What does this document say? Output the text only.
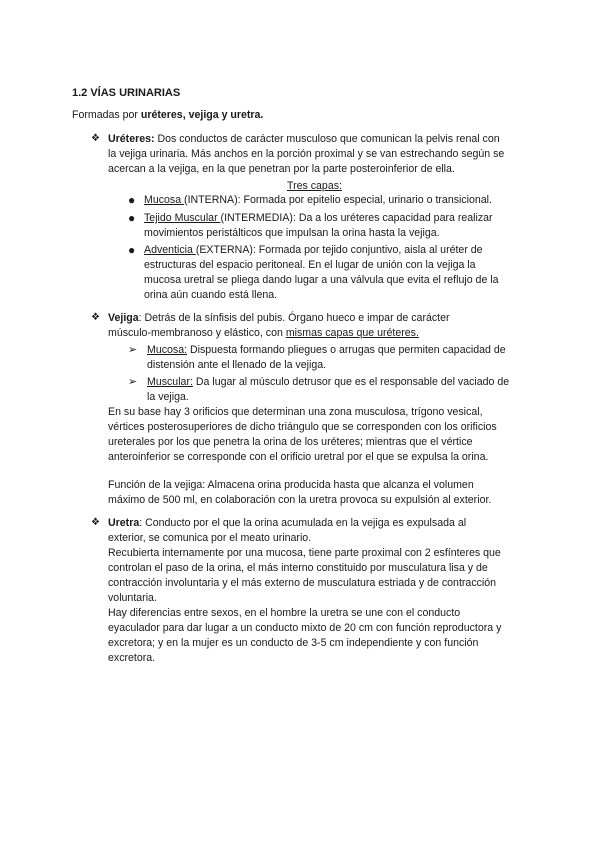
1.2 VÍAS URINARIAS
Formadas por uréteres, vejiga y uretra.
❖ Uréteres: Dos conductos de carácter musculoso que comunican la pelvis renal con
la vejiga urinaria. Más anchos en la porción proximal y se van estrechando según se
acercan a la vejiga, en la que penetran por la parte posteroinferior de ella.
Tres capas:
● Mucosa (INTERNA): Formada por epitelio especial, urinario o transicional.
● Tejido Muscular (INTERMEDIA): Da a los uréteres capacidad para realizar
movimientos peristálticos que impulsan la orina hasta la vejiga.
● Adventicia (EXTERNA): Formada por tejido conjuntivo, aisla al uréter de
estructuras del espacio peritoneal. En el lugar de unión con la vejiga la
mucosa uretral se pliega dando lugar a una válvula que evita el reflujo de la
orina aún cuando está llena.
❖ Vejiga: Detrás de la sínfisis del pubis. Órgano hueco e impar de carácter
músculo-membranoso y elástico, con mismas capas que uréteres.
➢ Mucosa: Dispuesta formando pliegues o arrugas que permiten capacidad de
distensión ante el llenado de la vejiga.
➢ Muscular: Da lugar al músculo detrusor que es el responsable del vaciado de
la vejiga.
En su base hay 3 orificios que determinan una zona musculosa, trígono vesical,
vértices posterosuperiores de dicho triángulo que se corresponden con los orificios
ureterales por los que penetra la orina de los uréteres; mientras que el vértice
anteroinferior se corresponde con el orificio uretral por el que se expulsa la orina.
Función de la vejiga: Almacena orina producida hasta que alcanza el volumen
máximo de 500 ml, en colaboración con la uretra provoca su expulsión al exterior.
❖ Uretra: Conducto por el que la orina acumulada en la vejiga es expulsada al
exterior, se comunica por el meato urinario.
Recubierta internamente por una mucosa, tiene parte proximal con 2 esfínteres que
controlan el paso de la orina, el más interno constituido por musculatura lisa y de
contracción involuntaria y el más externo de musculatura estriada y de contracción
voluntaria.
Hay diferencias entre sexos, en el hombre la uretra se une con el conducto
eyaculador para dar lugar a un conducto mixto de 20 cm con función reproductora y
excretora; y en la mujer es un conducto de 3-5 cm independiente y con función
excretora.
